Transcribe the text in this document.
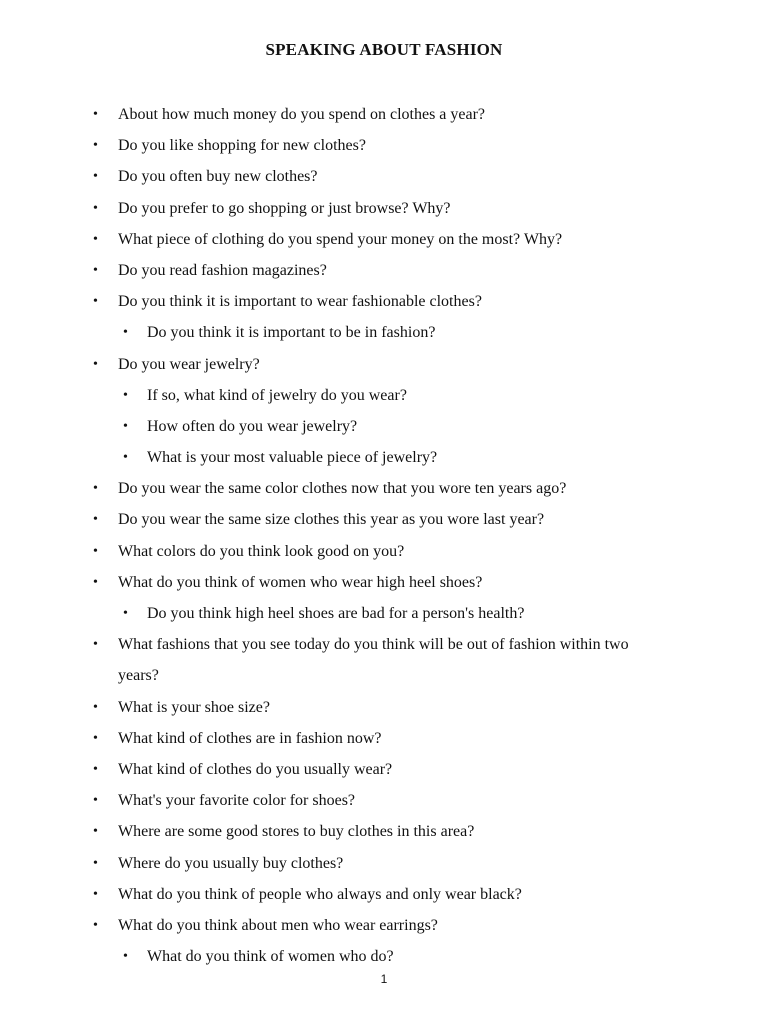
SPEAKING ABOUT FASHION
• About how much money do you spend on clothes a year?
• Do you like shopping for new clothes?
• Do you often buy new clothes?
• Do you prefer to go shopping or just browse? Why?
• What piece of clothing do you spend your money on the most? Why?
• Do you read fashion magazines?
• Do you think it is important to wear fashionable clothes?
• Do you think it is important to be in fashion?
• Do you wear jewelry?
• If so, what kind of jewelry do you wear?
• How often do you wear jewelry?
• What is your most valuable piece of jewelry?
• Do you wear the same color clothes now that you wore ten years ago?
• Do you wear the same size clothes this year as you wore last year?
• What colors do you think look good on you?
• What do you think of women who wear high heel shoes?
• Do you think high heel shoes are bad for a person's health?
• What fashions that you see today do you think will be out of fashion within two years?
• What is your shoe size?
• What kind of clothes are in fashion now?
• What kind of clothes do you usually wear?
• What's your favorite color for shoes?
• Where are some good stores to buy clothes in this area?
• Where do you usually buy clothes?
• What do you think of people who always and only wear black?
• What do you think about men who wear earrings?
• What do you think of women who do?
1
